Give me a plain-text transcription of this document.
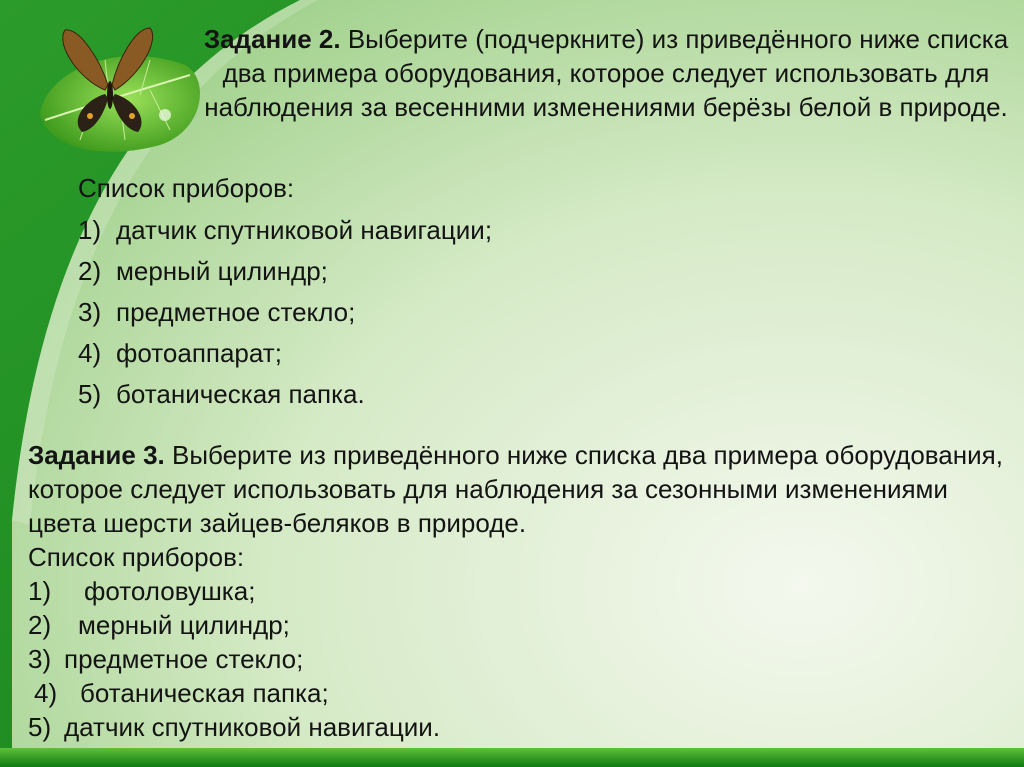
Задание 2. Выберите (подчеркните) из приведённого ниже списка два примера оборудования, которое следует использовать для наблюдения за весенними изменениями берёзы белой в природе.
Список приборов:
1) датчик спутниковой навигации;
2) мерный цилиндр;
3) предметное стекло;
4) фотоаппарат;
5) ботаническая папка.
Задание 3. Выберите из приведённого ниже списка два примера оборудования, которое следует использовать для наблюдения за сезонными изменениями цвета шерсти зайцев-беляков в природе.
Список приборов:
1) фотоловушка;
2) мерный цилиндр;
3) предметное стекло;
4) ботаническая папка;
5) датчик спутниковой навигации.
